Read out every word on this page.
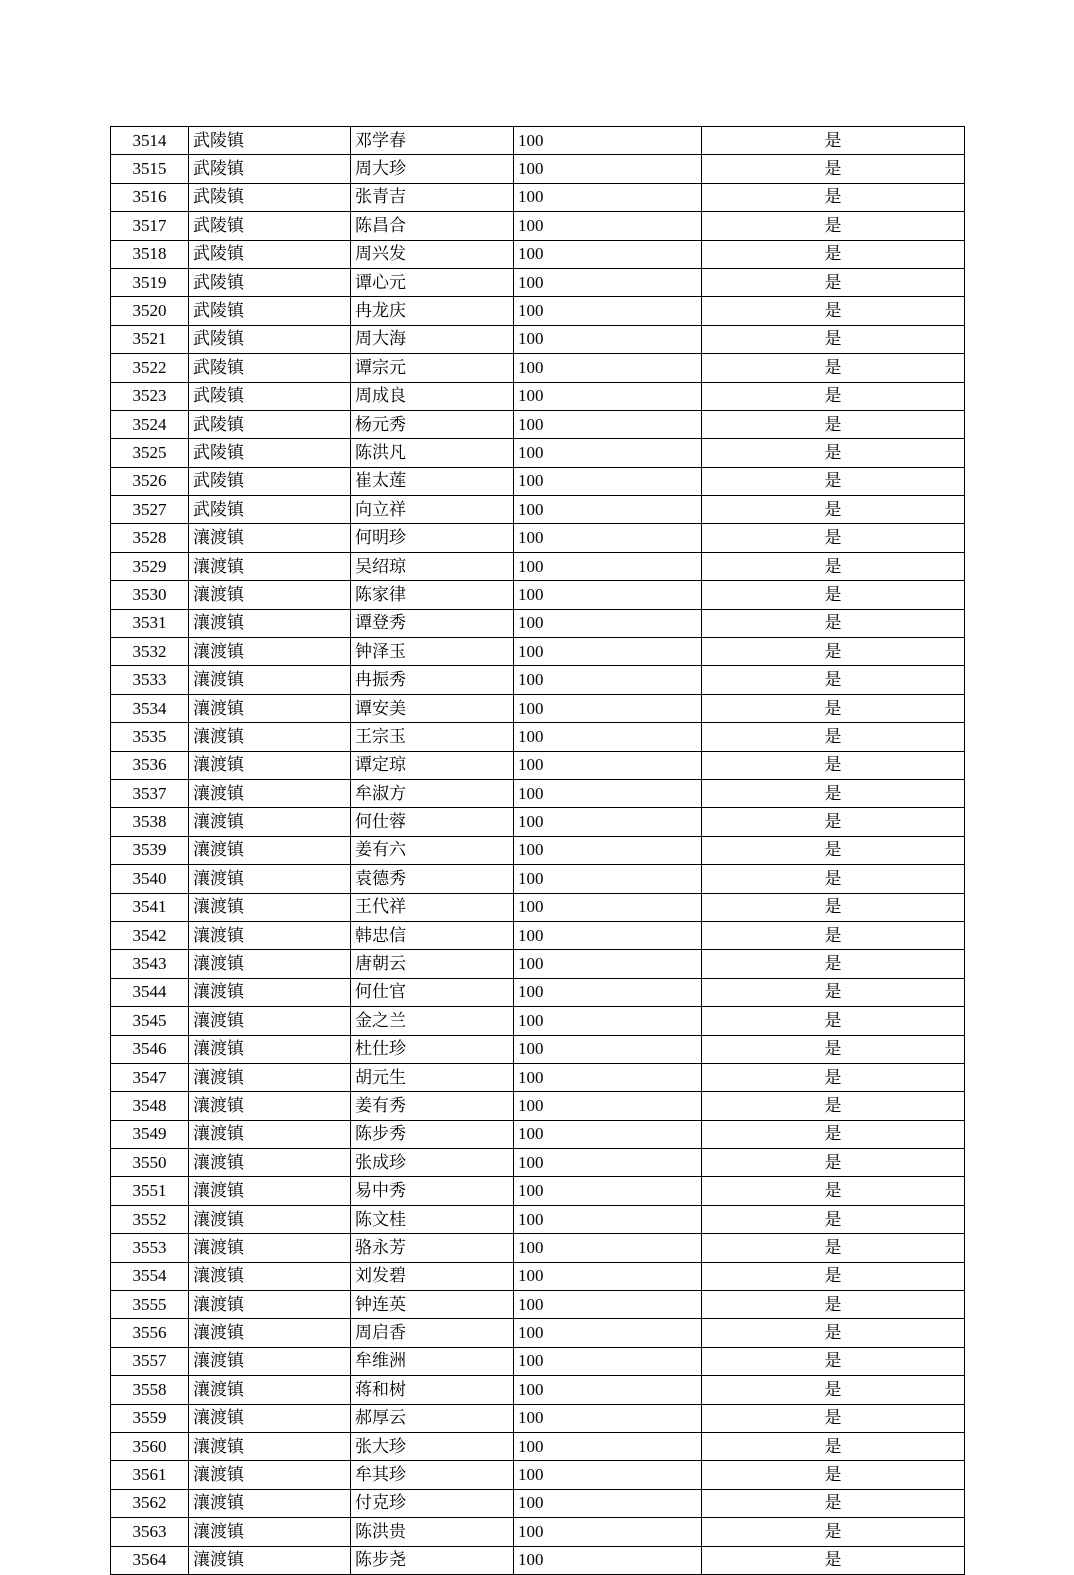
3514	武陵镇	邓学春	100	是
3515	武陵镇	周大珍	100	是
3516	武陵镇	张青吉	100	是
3517	武陵镇	陈昌合	100	是
3518	武陵镇	周兴发	100	是
3519	武陵镇	谭心元	100	是
3520	武陵镇	冉龙庆	100	是
3521	武陵镇	周大海	100	是
3522	武陵镇	谭宗元	100	是
3523	武陵镇	周成良	100	是
3524	武陵镇	杨元秀	100	是
3525	武陵镇	陈洪凡	100	是
3526	武陵镇	崔太莲	100	是
3527	武陵镇	向立祥	100	是
3528	瀼渡镇	何明珍	100	是
3529	瀼渡镇	吴绍琼	100	是
3530	瀼渡镇	陈家律	100	是
3531	瀼渡镇	谭登秀	100	是
3532	瀼渡镇	钟泽玉	100	是
3533	瀼渡镇	冉振秀	100	是
3534	瀼渡镇	谭安美	100	是
3535	瀼渡镇	王宗玉	100	是
3536	瀼渡镇	谭定琼	100	是
3537	瀼渡镇	牟淑方	100	是
3538	瀼渡镇	何仕蓉	100	是
3539	瀼渡镇	姜有六	100	是
3540	瀼渡镇	袁德秀	100	是
3541	瀼渡镇	王代祥	100	是
3542	瀼渡镇	韩忠信	100	是
3543	瀼渡镇	唐朝云	100	是
3544	瀼渡镇	何仕官	100	是
3545	瀼渡镇	金之兰	100	是
3546	瀼渡镇	杜仕珍	100	是
3547	瀼渡镇	胡元生	100	是
3548	瀼渡镇	姜有秀	100	是
3549	瀼渡镇	陈步秀	100	是
3550	瀼渡镇	张成珍	100	是
3551	瀼渡镇	易中秀	100	是
3552	瀼渡镇	陈文桂	100	是
3553	瀼渡镇	骆永芳	100	是
3554	瀼渡镇	刘发碧	100	是
3555	瀼渡镇	钟连英	100	是
3556	瀼渡镇	周启香	100	是
3557	瀼渡镇	牟维洲	100	是
3558	瀼渡镇	蒋和树	100	是
3559	瀼渡镇	郝厚云	100	是
3560	瀼渡镇	张大珍	100	是
3561	瀼渡镇	牟其珍	100	是
3562	瀼渡镇	付克珍	100	是
3563	瀼渡镇	陈洪贵	100	是
3564	瀼渡镇	陈步尧	100	是
